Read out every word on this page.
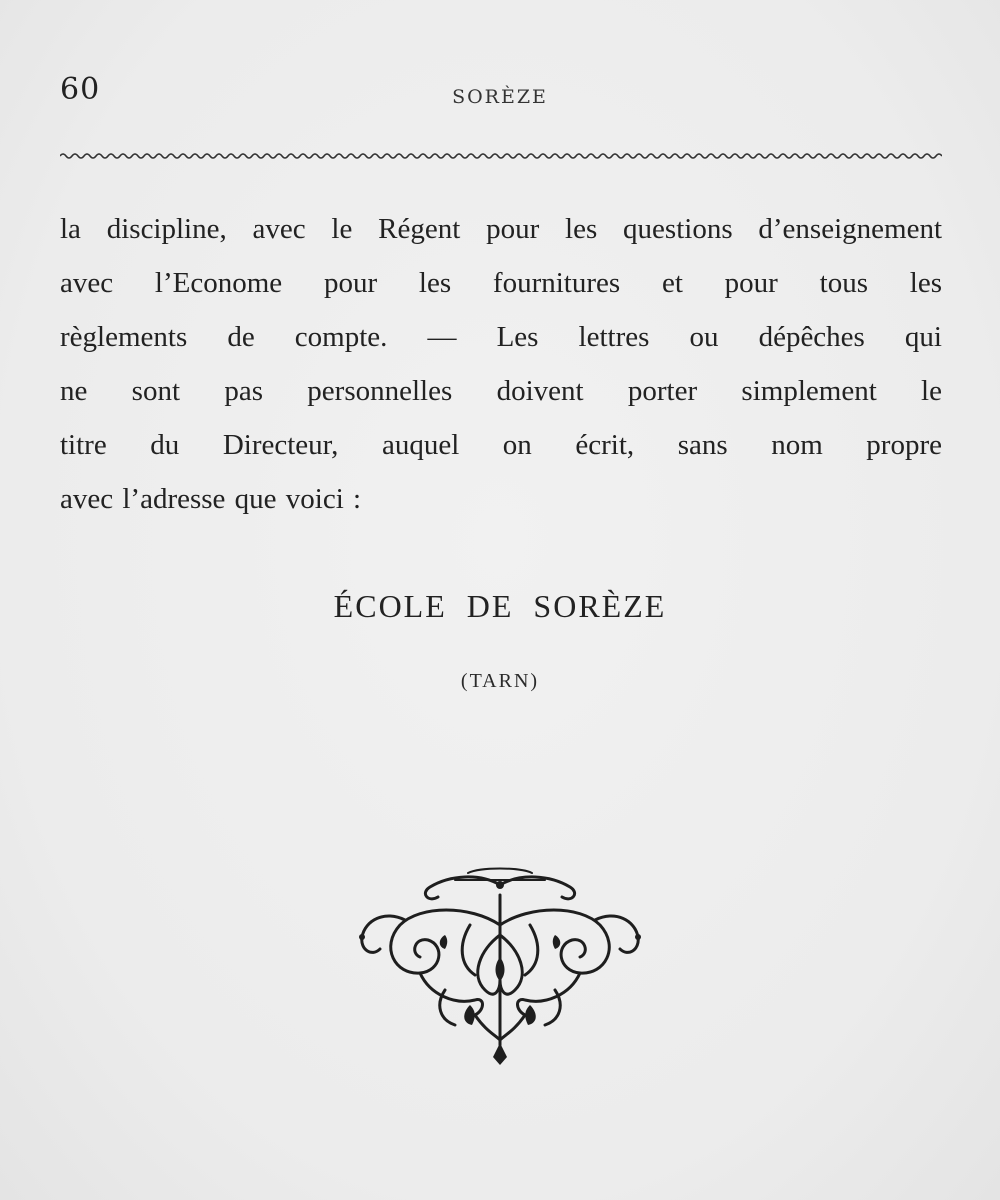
60	SORÈZE
la discipline, avec le Régent pour les questions d’enseignement
avec l’Econome pour les fournitures et pour tous les
règlements de compte. — Les lettres ou dépêches qui
ne sont pas personnelles doivent porter simplement le
titre du Directeur, auquel on écrit, sans nom propre
avec l’adresse que voici :
ÉCOLE DE SORÈZE
(TARN)
